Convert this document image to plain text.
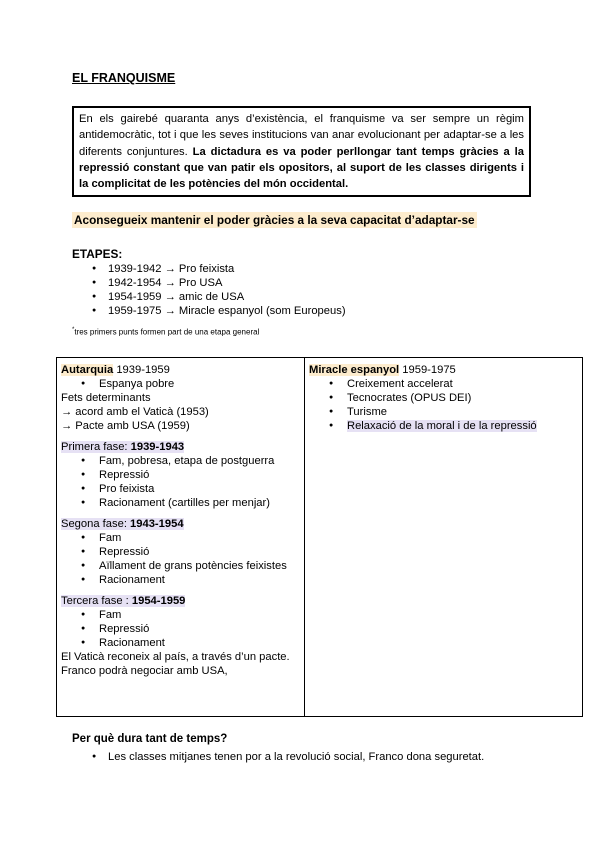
EL FRANQUISME
En els gairebé quaranta anys d’existència, el franquisme va ser sempre un règim antidemocràtic, tot i que les seves institucions van anar evolucionant per adaptar-se a les diferents conjuntures. La dictadura es va poder perllongar tant temps gràcies a la repressió constant que van patir els opositors, al suport de les classes dirigents i la complicitat de les potències del món occidental.
Aconsegueix mantenir el poder gràcies a la seva capacitat d’adaptar-se
ETAPES:
● 1939-1942 → Pro feixista
● 1942-1954 → Pro USA
● 1954-1959 → amic de USA
● 1959-1975 → Miracle espanyol (som Europeus)
*tres primers punts formen part de una etapa general

Autarquia 1939-1959

● Espanya pobre

Fets determinants

→ acord amb el Vaticà (1953)

→ Pacte amb USA (1959)

Primera fase: 1939-1943

● Fam, pobresa, etapa de postguerra
● Repressió
● Pro feixista
● Racionament (cartilles per menjar)

Segona fase: 1943-1954

● Fam
● Repressió
● Aïllament de grans potències feixistes
● Racionament

Tercera fase : 1954-1959

● Fam
● Repressió
● Racionament

El Vaticà reconeix al país, a través d’un pacte. Franco podrà negociar amb USA,

Miracle espanyol 1959-1975

● Creixement accelerat
● Tecnocrates (OPUS DEI)
● Turisme
● Relaxació de la moral i de la repressió
Per què dura tant de temps?
● Les classes mitjanes tenen por a la revolució social, Franco dona seguretat.
